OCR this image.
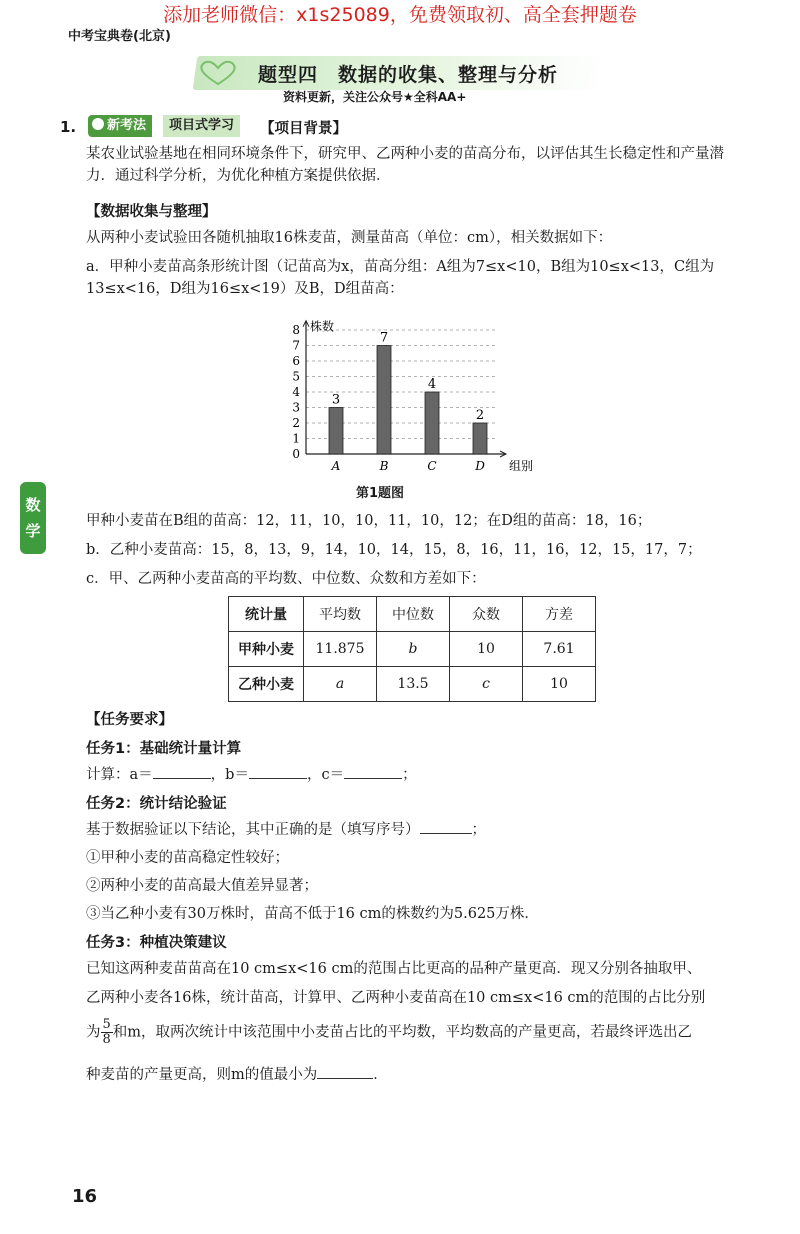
添加老师微信：x1s25089，免费领取初、高全套押题卷
中考宝典卷(北京)
题型四　数据的收集、整理与分析
资料更新，关注公众号★全科AA+
1.	新考法	项目式学习	【项目背景】
某农业试验基地在相同环境条件下，研究甲、乙两种小麦的苗高分布，以评估其生长稳定性和产量潜力．通过科学分析，为优化种植方案提供依据．
【数据收集与整理】
从两种小麦试验田各随机抽取16株麦苗，测量苗高（单位：cm），相关数据如下：
a．甲种小麦苗高条形统计图（记苗高为x，苗高分组：A组为7≤x<10，B组为10≤x<13，C组为13≤x<16，D组为16≤x<19）及B，D组苗高：
0
1
2
3
4
5
6
7
8 株数
组别
3
A
7
B
4
C
2
D
第1题图
甲种小麦苗在B组的苗高：12，11，10，10，11，10，12；在D组的苗高：18，16；
b．乙种小麦苗高：15，8，13，9，14，10，14，15，8，16，11，16，12，15，17，7；
c．甲、乙两种小麦苗高的平均数、中位数、众数和方差如下：
统计量	平均数	中位数	众数	方差
甲种小麦	11.875	b	10	7.61
乙种小麦	a	13.5	c	10
【任务要求】
任务1：基础统计量计算
计算：a＝	，b＝	，c＝	；
任务2：统计结论验证
基于数据验证以下结论，其中正确的是（填写序号）	；
①甲种小麦的苗高稳定性较好；
②两种小麦的苗高最大值差异显著；
③当乙种小麦有30万株时，苗高不低于16 cm的株数约为5.625万株．
任务3：种植决策建议
已知这两种麦苗苗高在10 cm≤x<16 cm的范围占比更高的品种产量更高．现又分别各抽取甲、
乙两种小麦各16株，统计苗高，计算甲、乙两种小麦苗高在10 cm≤x<16 cm的范围的占比分别
为 $\frac{5}{8}$ 和m，取两次统计中该范围中小麦苗占比的平均数，平均数高的产量更高，若最终评选出乙
种麦苗的产量更高，则m的值最小为	．
数学
16
